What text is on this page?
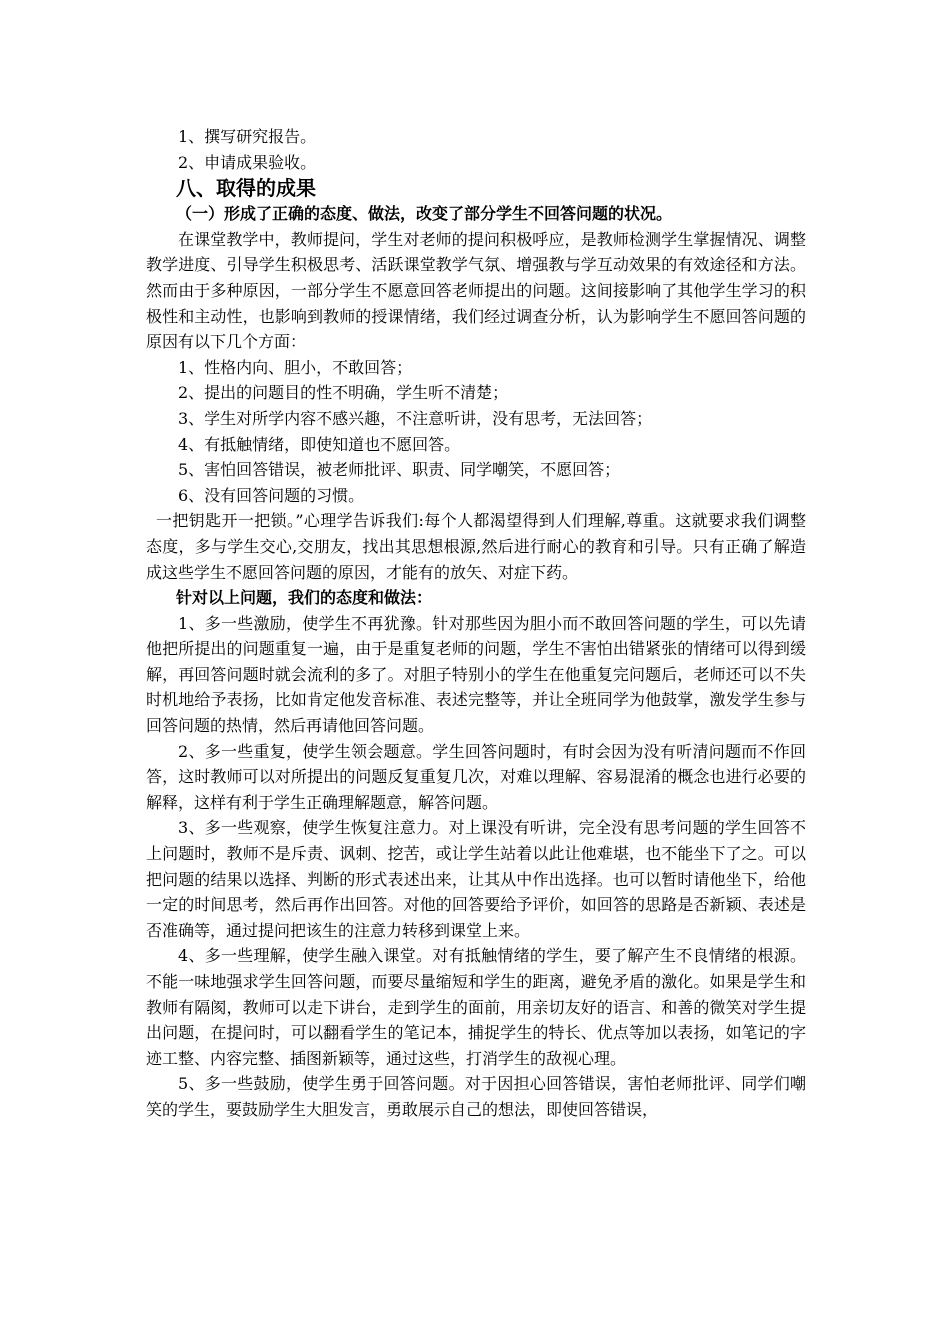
1、撰写研究报告。

2、申请成果验收。

八、取得的成果

（一）形成了正确的态度、做法，改变了部分学生不回答问题的状况。

在课堂教学中，教师提问，学生对老师的提问积极呼应，是教师检测学生掌握情况、调整教学进度、引导学生积极思考、活跃课堂教学气氛、增强教与学互动效果的有效途径和方法。然而由于多种原因，一部分学生不愿意回答老师提出的问题。这间接影响了其他学生学习的积极性和主动性，也影响到教师的授课情绪，我们经过调查分析，认为影响学生不愿回答问题的原因有以下几个方面：

1、性格内向、胆小，不敢回答；

2、提出的问题目的性不明确，学生听不清楚；

3、学生对所学内容不感兴趣，不注意听讲，没有思考，无法回答；

4、有抵触情绪，即使知道也不愿回答。

5、害怕回答错误，被老师批评、职责、同学嘲笑，不愿回答；

6、没有回答问题的习惯。

一把钥匙开一把锁。”心理学告诉我们:每个人都渴望得到人们理解,尊重。这就要求我们调整态度，多与学生交心,交朋友，找出其思想根源,然后进行耐心的教育和引导。只有正确了解造成这些学生不愿回答问题的原因，才能有的放矢、对症下药。

针对以上问题，我们的态度和做法：

1、多一些激励，使学生不再犹豫。针对那些因为胆小而不敢回答问题的学生，可以先请他把所提出的问题重复一遍，由于是重复老师的问题，学生不害怕出错紧张的情绪可以得到缓解，再回答问题时就会流利的多了。对胆子特别小的学生在他重复完问题后，老师还可以不失时机地给予表扬，比如肯定他发音标准、表述完整等，并让全班同学为他鼓掌，激发学生参与回答问题的热情，然后再请他回答问题。

2、多一些重复，使学生领会题意。学生回答问题时，有时会因为没有听清问题而不作回答，这时教师可以对所提出的问题反复重复几次，对难以理解、容易混淆的概念也进行必要的解释，这样有利于学生正确理解题意，解答问题。

3、多一些观察，使学生恢复注意力。对上课没有听讲，完全没有思考问题的学生回答不上问题时，教师不是斥责、讽刺、挖苦，或让学生站着以此让他难堪，也不能坐下了之。可以把问题的结果以选择、判断的形式表述出来，让其从中作出选择。也可以暂时请他坐下，给他一定的时间思考，然后再作出回答。对他的回答要给予评价，如回答的思路是否新颖、表述是否准确等，通过提问把该生的注意力转移到课堂上来。

4、多一些理解，使学生融入课堂。对有抵触情绪的学生，要了解产生不良情绪的根源。不能一味地强求学生回答问题，而要尽量缩短和学生的距离，避免矛盾的激化。如果是学生和教师有隔阂，教师可以走下讲台，走到学生的面前，用亲切友好的语言、和善的微笑对学生提出问题，在提问时，可以翻看学生的笔记本，捕捉学生的特长、优点等加以表扬，如笔记的字迹工整、内容完整、插图新颖等，通过这些，打消学生的敌视心理。

5、多一些鼓励，使学生勇于回答问题。对于因担心回答错误，害怕老师批评、同学们嘲笑的学生，要鼓励学生大胆发言，勇敢展示自己的想法，即使回答错误，
